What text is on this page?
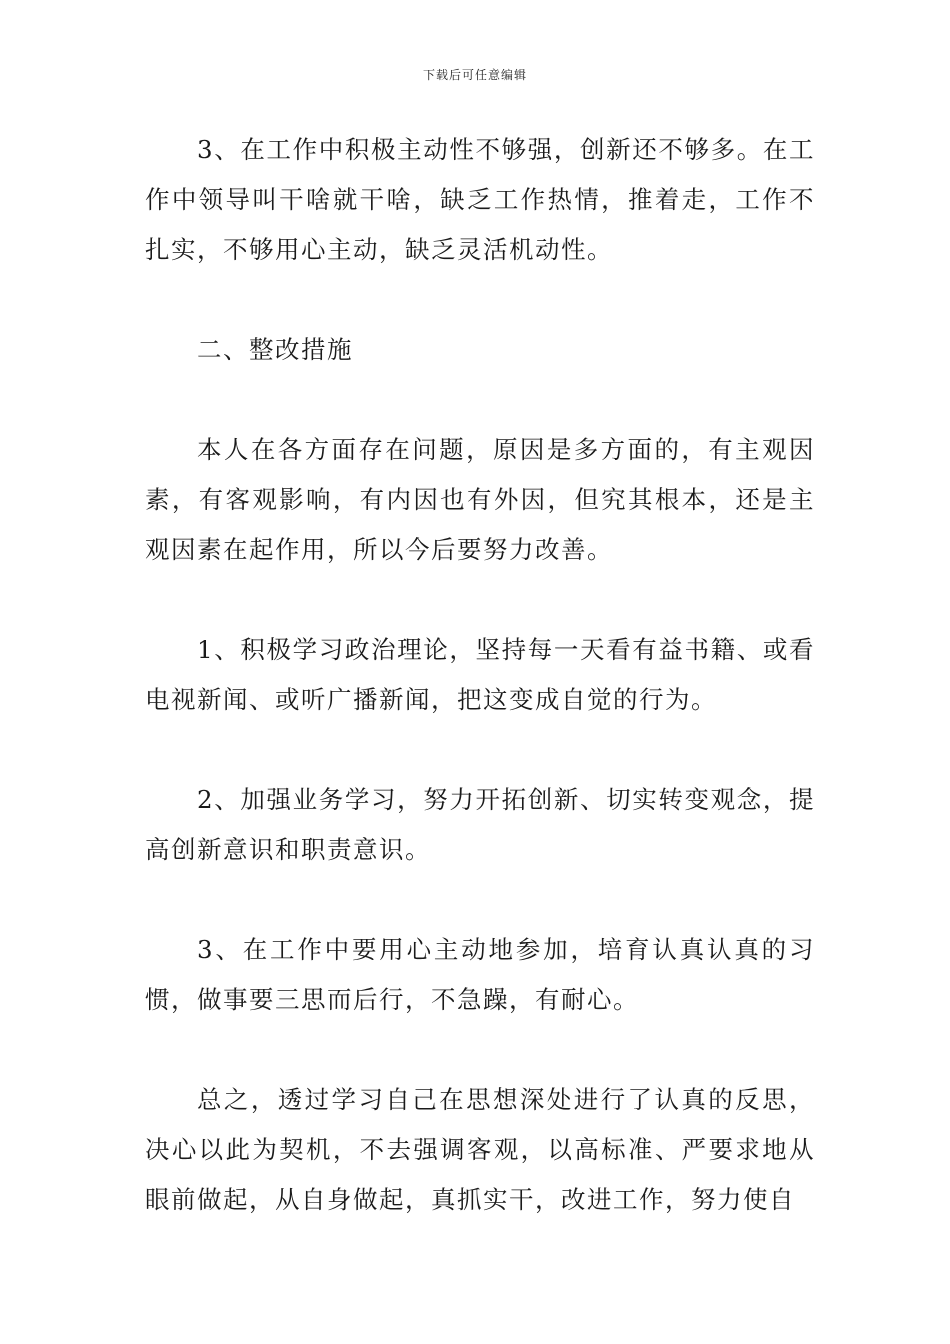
下载后可任意编辑

3、在工作中积极主动性不够强，创新还不够多。在工作中领导叫干啥就干啥，缺乏工作热情，推着走，工作不扎实，不够用心主动，缺乏灵活机动性。

二、整改措施

本人在各方面存在问题，原因是多方面的，有主观因素，有客观影响，有内因也有外因，但究其根本，还是主观因素在起作用，所以今后要努力改善。

1、积极学习政治理论，坚持每一天看有益书籍、或看电视新闻、或听广播新闻，把这变成自觉的行为。

2、加强业务学习，努力开拓创新、切实转变观念，提高创新意识和职责意识。

3、在工作中要用心主动地参加，培育认真认真的习惯，做事要三思而后行，不急躁，有耐心。

总之，透过学习自己在思想深处进行了认真的反思，决心以此为契机，不去强调客观，以高标准、严要求地从眼前做起，从自身做起，真抓实干，改进工作，努力使自
